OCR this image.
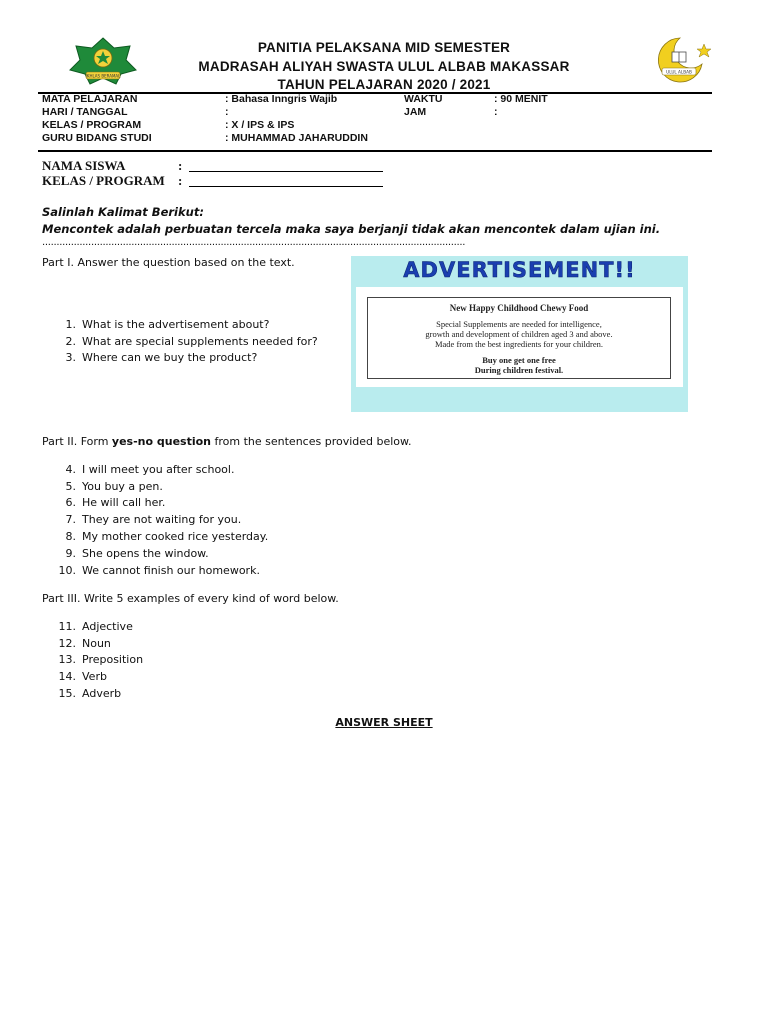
IKHLAS BERAMAL
ULUL ALBAB
PANITIA PELAKSANA MID SEMESTER
MADRASAH ALIYAH SWASTA ULUL ALBAB MAKASSAR
TAHUN PELAJARAN 2020 / 2021
MATA PELAJARAN	: Bahasa Inngris Wajib	WAKTU	: 90 MENIT
HARI / TANGGAL	:	JAM	:
KELAS / PROGRAM	: X / IPS & IPS
GURU BIDANG STUDI	: MUHAMMAD JAHARUDDIN
NAMA SISWA	:
KELAS / PROGRAM :
Salinlah Kalimat Berikut:
Mencontek adalah perbuatan tercela maka saya berjanji tidak akan mencontek dalam ujian ini.
...................................................................................................................................................
Part I. Answer the question based on the text.
1. What is the advertisement about?
2. What are special supplements needed for?
3. Where can we buy the product?
ADVERTISEMENT!!
New Happy Childhood Chewy Food
Special Supplements are needed for intelligence,
growth and development of children aged 3 and above.
Made from the best ingredients for your children.
Buy one get one free
During children festival.
Part II. Form yes-no question from the sentences provided below.
4. I will meet you after school.
5. You buy a pen.
6. He will call her.
7. They are not waiting for you.
8. My mother cooked rice yesterday.
9. She opens the window.
10. We cannot finish our homework.
Part III. Write 5 examples of every kind of word below.
11. Adjective
12. Noun
13. Preposition
14. Verb
15. Adverb
ANSWER SHEET
